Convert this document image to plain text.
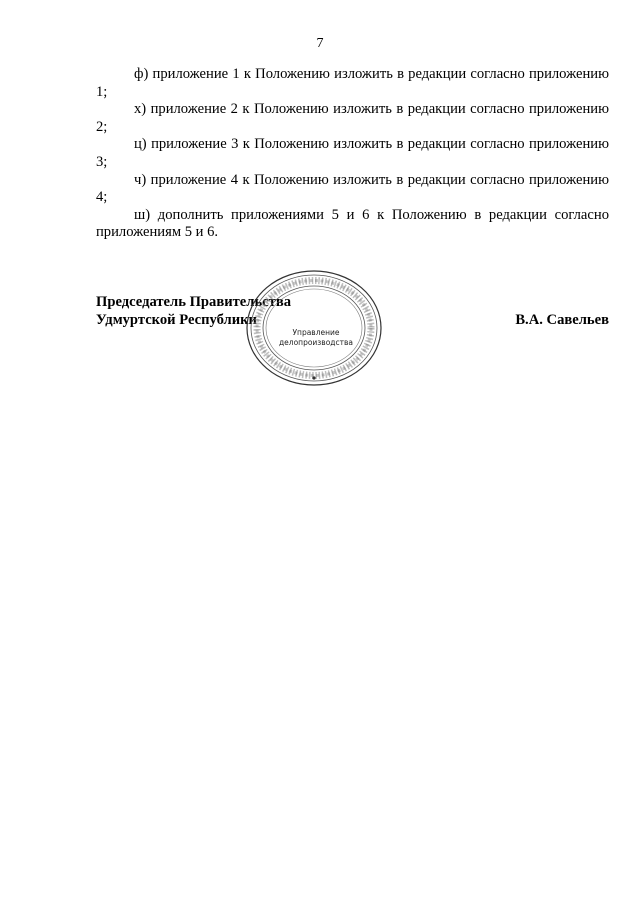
7

ф) приложение 1 к Положению изложить в редакции согласно приложению 1;

х) приложение 2 к Положению изложить в редакции согласно приложению 2;

ц) приложение 3 к Положению изложить в редакции согласно приложению 3;

ч) приложение 4 к Положению изложить в редакции согласно приложению 4;

ш) дополнить приложениями 5 и 6 к Положению в редакции согласно приложениям 5 и 6.

Председатель Правительства
Удмуртской Республики	В.А. Савельев
Управление
делопроизводства
